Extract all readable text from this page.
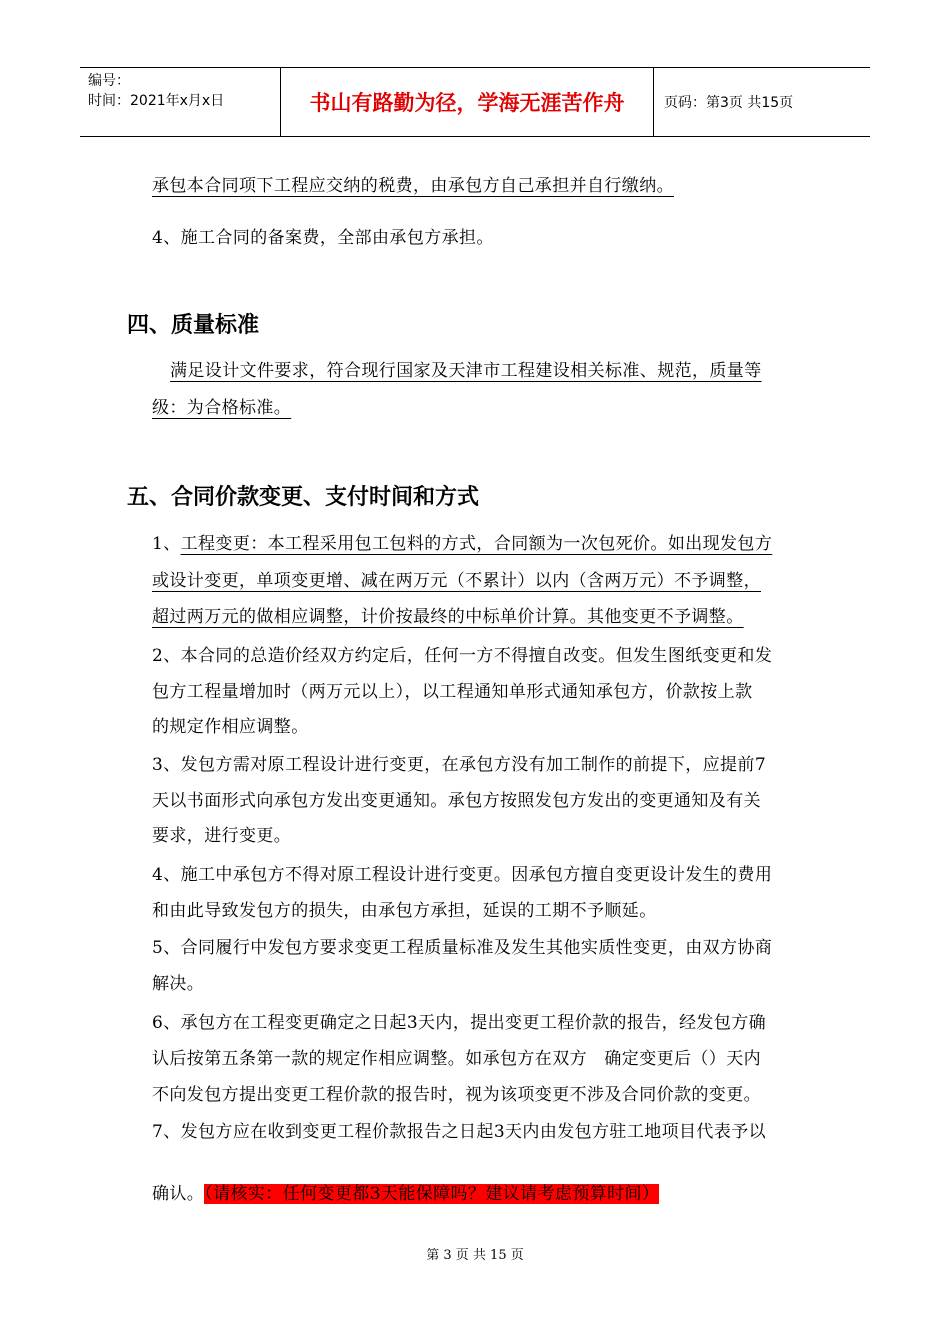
编号：
时间：2021年x月x日	书山有路勤为径，学海无涯苦作舟	页码：第3页 共15页
承包本合同项下工程应交纳的税费，由承包方自己承担并自行缴纳。
4、施工合同的备案费，全部由承包方承担。
四、质量标准
满足设计文件要求，符合现行国家及天津市工程建设相关标准、规范，质量等
级：为合格标准。
五、合同价款变更、支付时间和方式
1、工程变更：本工程采用包工包料的方式，合同额为一次包死价。如出现发包方
或设计变更，单项变更增、减在两万元（不累计）以内（含两万元）不予调整，
超过两万元的做相应调整，计价按最终的中标单价计算。其他变更不予调整。
2、本合同的总造价经双方约定后，任何一方不得擅自改变。但发生图纸变更和发
包方工程量增加时（两万元以上），以工程通知单形式通知承包方，价款按上款
的规定作相应调整。
3、发包方需对原工程设计进行变更，在承包方没有加工制作的前提下，应提前7
天以书面形式向承包方发出变更通知。承包方按照发包方发出的变更通知及有关
要求，进行变更。
4、施工中承包方不得对原工程设计进行变更。因承包方擅自变更设计发生的费用
和由此导致发包方的损失，由承包方承担，延误的工期不予顺延。
5、合同履行中发包方要求变更工程质量标准及发生其他实质性变更，由双方协商
解决。
6、承包方在工程变更确定之日起3天内，提出变更工程价款的报告，经发包方确
认后按第五条第一款的规定作相应调整。如承包方在双方   确定变更后（）天内
不向发包方提出变更工程价款的报告时，视为该项变更不涉及合同价款的变更。
7、发包方应在收到变更工程价款报告之日起3天内由发包方驻工地项目代表予以
确认。（请核实：任何变更都3天能保障吗？建议请考虑预算时间）
第 3 页 共 15 页
